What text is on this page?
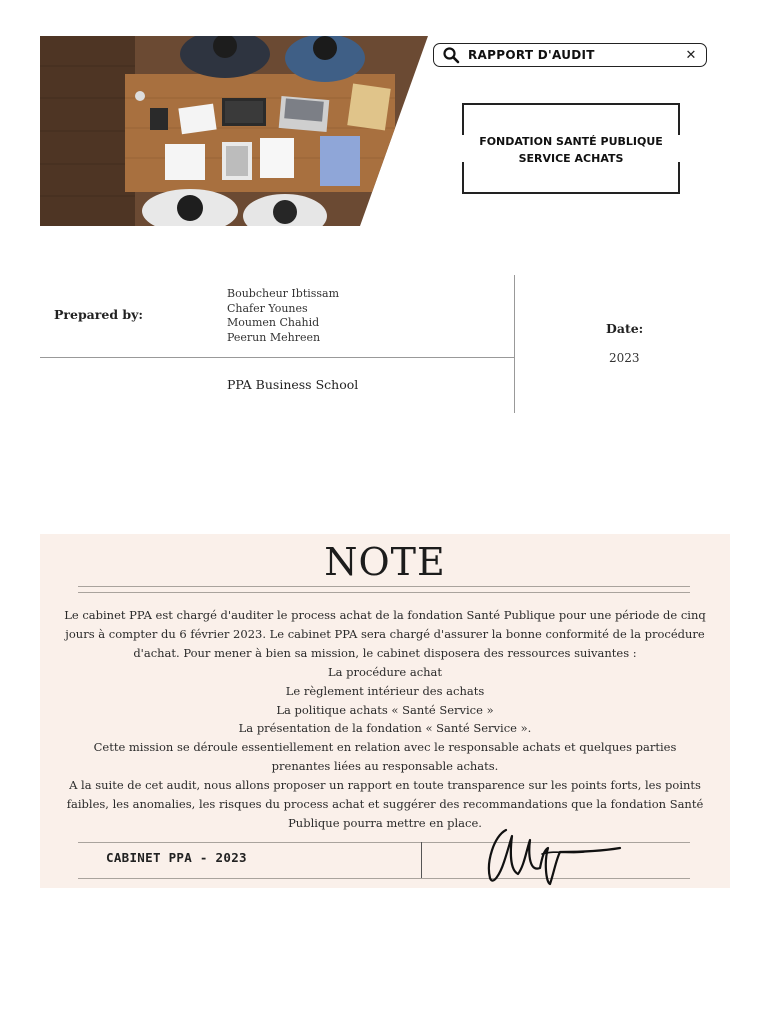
RAPPORT D'AUDIT
✕
FONDATION SANTÉ PUBLIQUE
SERVICE ACHATS
Prepared by:
Boubcheur Ibtissam
Chafer Younes
Moumen Chahid
Peerun Mehreen
PPA Business School
Date:
2023
NOTE

Le cabinet PPA est chargé d'auditer le process achat de la fondation Santé Publique pour une période de cinq jours à compter du 6 février 2023. Le cabinet PPA sera chargé d'assurer la bonne conformité de la procédure d'achat. Pour mener à bien sa mission, le cabinet disposera des ressources suivantes :

La procédure achat

Le règlement intérieur des achats

La politique achats « Santé Service »

La présentation de la fondation « Santé Service ».

Cette mission se déroule essentiellement en relation avec le responsable achats et quelques parties prenantes liées au responsable achats.

A la suite de cet audit, nous allons proposer un rapport en toute transparence sur les points forts, les points faibles, les anomalies, les risques du process achat et suggérer des recommandations que la fondation Santé Publique pourra mettre en place.

CABINET PPA - 2023
